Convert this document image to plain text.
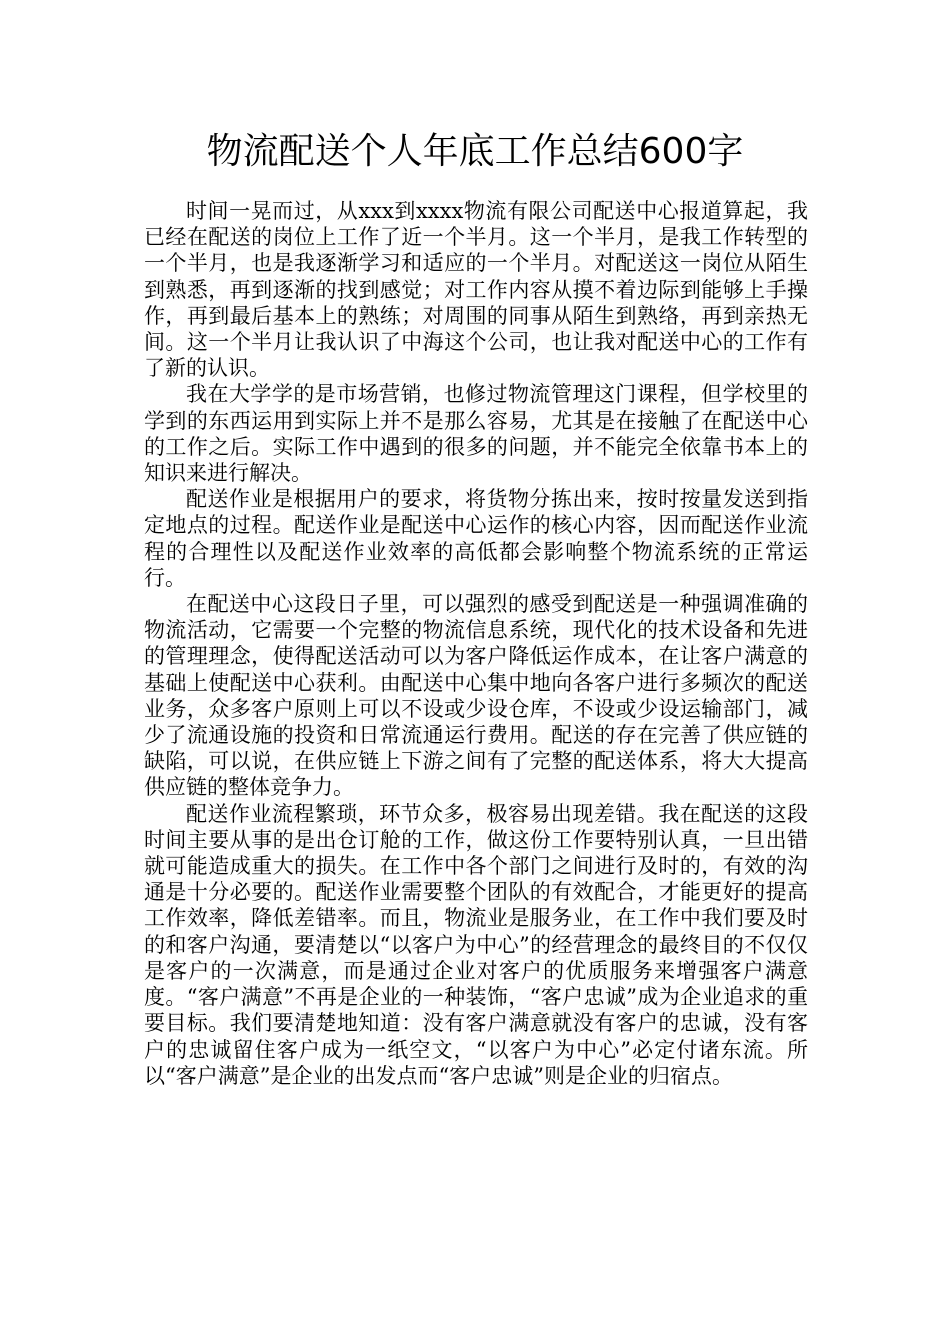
物流配送个人年底工作总结600字

时间一晃而过，从xxx到xxxx物流有限公司配送中心报道算起，我已经在配送的岗位上工作了近一个半月。这一个半月，是我工作转型的一个半月，也是我逐渐学习和适应的一个半月。对配送这一岗位从陌生到熟悉，再到逐渐的找到感觉；对工作内容从摸不着边际到能够上手操作，再到最后基本上的熟练；对周围的同事从陌生到熟络，再到亲热无间。这一个半月让我认识了中海这个公司，也让我对配送中心的工作有了新的认识。

我在大学学的是市场营销，也修过物流管理这门课程，但学校里的学到的东西运用到实际上并不是那么容易，尤其是在接触了在配送中心的工作之后。实际工作中遇到的很多的问题，并不能完全依靠书本上的知识来进行解决。

配送作业是根据用户的要求，将货物分拣出来，按时按量发送到指定地点的过程。配送作业是配送中心运作的核心内容，因而配送作业流程的合理性以及配送作业效率的高低都会影响整个物流系统的正常运行。

在配送中心这段日子里，可以强烈的感受到配送是一种强调准确的物流活动，它需要一个完整的物流信息系统，现代化的技术设备和先进的管理理念，使得配送活动可以为客户降低运作成本，在让客户满意的基础上使配送中心获利。由配送中心集中地向各客户进行多频次的配送业务，众多客户原则上可以不设或少设仓库，不设或少设运输部门，减少了流通设施的投资和日常流通运行费用。配送的存在完善了供应链的缺陷，可以说，在供应链上下游之间有了完整的配送体系，将大大提高供应链的整体竞争力。

配送作业流程繁琐，环节众多，极容易出现差错。我在配送的这段时间主要从事的是出仓订舱的工作，做这份工作要特别认真，一旦出错就可能造成重大的损失。在工作中各个部门之间进行及时的，有效的沟通是十分必要的。配送作业需要整个团队的有效配合，才能更好的提高工作效率，降低差错率。而且，物流业是服务业，在工作中我们要及时的和客户沟通，要清楚以“以客户为中心”的经营理念的最终目的不仅仅是客户的一次满意，而是通过企业对客户的优质服务来增强客户满意度。“客户满意”不再是企业的一种装饰，“客户忠诚”成为企业追求的重要目标。我们要清楚地知道：没有客户满意就没有客户的忠诚，没有客户的忠诚留住客户成为一纸空文，“以客户为中心”必定付诸东流。所以“客户满意”是企业的出发点而“客户忠诚”则是企业的归宿点。
